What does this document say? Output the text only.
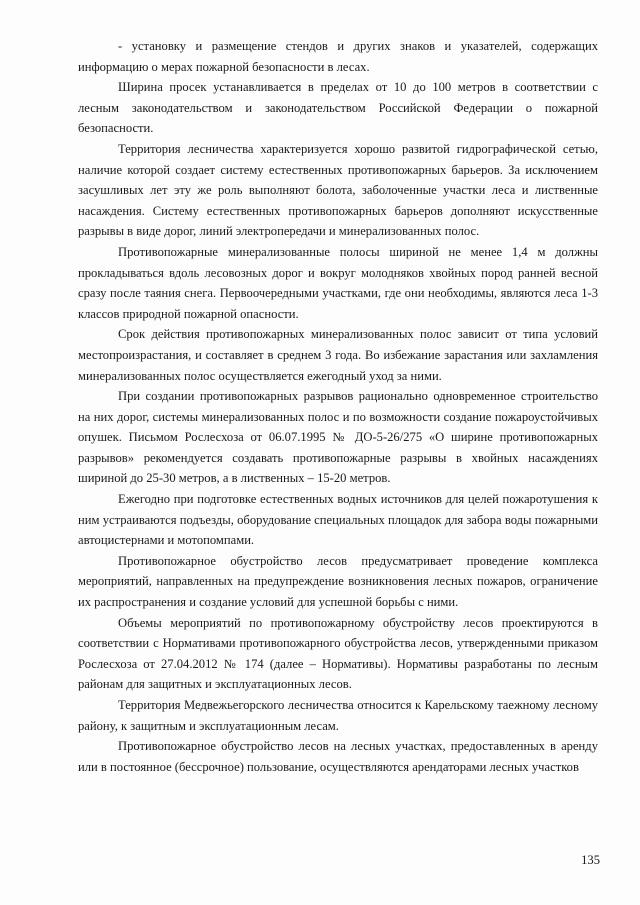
- установку и размещение стендов и других знаков и указателей, содержащих информацию о мерах пожарной безопасности в лесах.

Ширина просек устанавливается в пределах от 10 до 100 метров в соответствии с лесным законодательством и законодательством Российской Федерации о пожарной безопасности.

Территория лесничества характеризуется хорошо развитой гидрографической сетью, наличие которой создает систему естественных противопожарных барьеров. За исключением засушливых лет эту же роль выполняют болота, заболоченные участки леса и лиственные насаждения. Систему естественных противопожарных барьеров дополняют искусственные разрывы в виде дорог, линий электропередачи и минерализованных полос.

Противопожарные минерализованные полосы шириной не менее 1,4 м должны прокладываться вдоль лесовозных дорог и вокруг молодняков хвойных пород ранней весной сразу после таяния снега. Первоочередными участками, где они необходимы, являются леса 1-3 классов природной пожарной опасности.

Срок действия противопожарных минерализованных полос зависит от типа условий местопроизрастания, и составляет в среднем 3 года. Во избежание зарастания или захламления минерализованных полос осуществляется ежегодный уход за ними.

При создании противопожарных разрывов рационально одновременное строительство на них дорог, системы минерализованных полос и по возможности создание пожароустойчивых опушек. Письмом Рослесхоза от 06.07.1995 № ДО-5-26/275 «О ширине противопожарных разрывов» рекомендуется создавать противопожарные разрывы в хвойных насаждениях шириной до 25-30 метров, а в лиственных – 15-20 метров.

Ежегодно при подготовке естественных водных источников для целей пожаротушения к ним устраиваются подъезды, оборудование специальных площадок для забора воды пожарными автоцистернами и мотопомпами.

Противопожарное обустройство лесов предусматривает проведение комплекса мероприятий, направленных на предупреждение возникновения лесных пожаров, ограничение их распространения и создание условий для успешной борьбы с ними.

Объемы мероприятий по противопожарному обустройству лесов проектируются в соответствии с Нормативами противопожарного обустройства лесов, утвержденными приказом Рослесхоза от 27.04.2012 № 174 (далее – Нормативы). Нормативы разработаны по лесным районам для защитных и эксплуатационных лесов.

Территория Медвежьегорского лесничества относится к Карельскому таежному лесному району, к защитным и эксплуатационным лесам.

Противопожарное обустройство лесов на лесных участках, предоставленных в аренду или в постоянное (бессрочное) пользование, осуществляются арендаторами лесных участков

135
